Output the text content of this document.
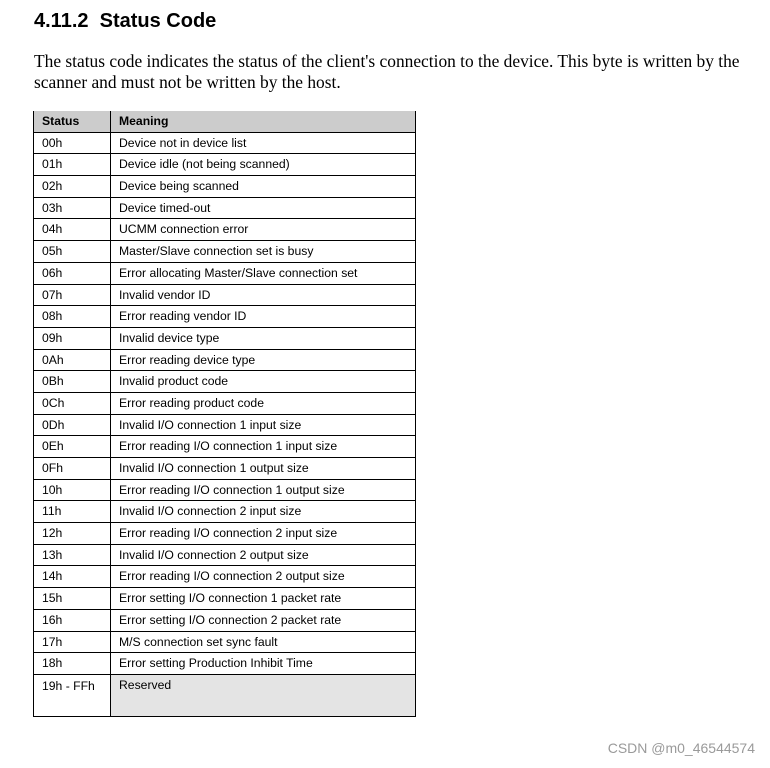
4.11.2  Status Code

The status code indicates the status of the client's connection to the device. This byte is written by the scanner and must not be written by the host.

Status	Meaning
00h	Device not in device list
01h	Device idle (not being scanned)
02h	Device being scanned
03h	Device timed-out
04h	UCMM connection error
05h	Master/Slave connection set is busy
06h	Error allocating Master/Slave connection set
07h	Invalid vendor ID
08h	Error reading vendor ID
09h	Invalid device type
0Ah	Error reading device type
0Bh	Invalid product code
0Ch	Error reading product code
0Dh	Invalid I/O connection 1 input size
0Eh	Error reading I/O connection 1 input size
0Fh	Invalid I/O connection 1 output size
10h	Error reading I/O connection 1 output size
11h	Invalid I/O connection 2 input size
12h	Error reading I/O connection 2 input size
13h	Invalid I/O connection 2 output size
14h	Error reading I/O connection 2 output size
15h	Error setting I/O connection 1 packet rate
16h	Error setting I/O connection 2 packet rate
17h	M/S connection set sync fault
18h	Error setting Production Inhibit Time
19h - FFh	Reserved
CSDN @m0_46544574
